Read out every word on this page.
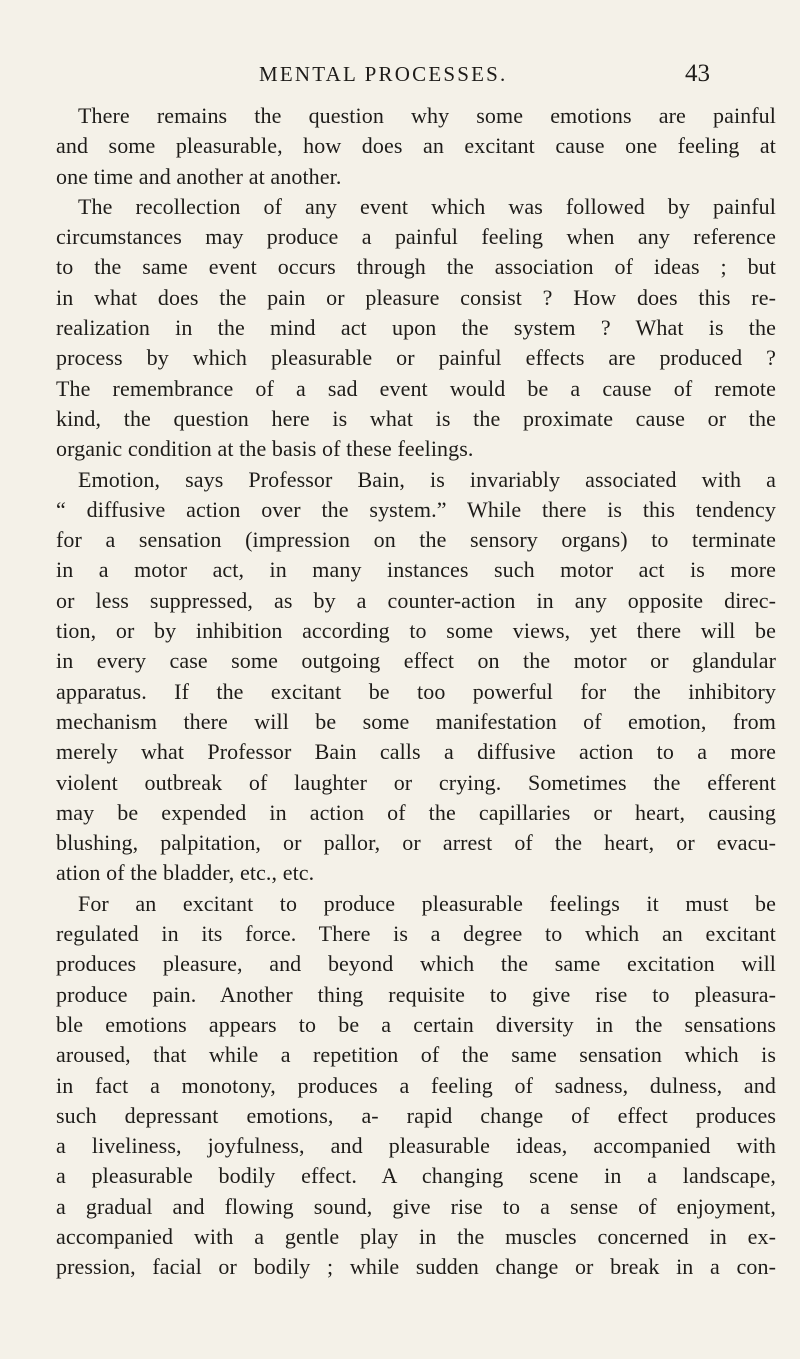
MENTAL PROCESSES.	43
There remains the question why some emotions are painful
and some pleasurable, how does an excitant cause one feeling at
one time and another at another.
The recollection of any event which was followed by painful
circumstances may produce a painful feeling when any reference
to the same event occurs through the association of ideas ; but
in what does the pain or pleasure consist ? How does this re-
realization in the mind act upon the system ? What is the
process by which pleasurable or painful effects are produced ?
The remembrance of a sad event would be a cause of remote
kind, the question here is what is the proximate cause or the
organic condition at the basis of these feelings.
Emotion, says Professor Bain, is invariably associated with a
“ diffusive action over the system.” While there is this tendency
for a sensation (impression on the sensory organs) to terminate
in a motor act, in many instances such motor act is more
or less suppressed, as by a counter-action in any opposite direc-
tion, or by inhibition according to some views, yet there will be
in every case some outgoing effect on the motor or glandular
apparatus. If the excitant be too powerful for the inhibitory
mechanism there will be some manifestation of emotion, from
merely what Professor Bain calls a diffusive action to a more
violent outbreak of laughter or crying. Sometimes the efferent
may be expended in action of the capillaries or heart, causing
blushing, palpitation, or pallor, or arrest of the heart, or evacu-
ation of the bladder, etc., etc.
For an excitant to produce pleasurable feelings it must be
regulated in its force. There is a degree to which an excitant
produces pleasure, and beyond which the same excitation will
produce pain. Another thing requisite to give rise to pleasura-
ble emotions appears to be a certain diversity in the sensations
aroused, that while a repetition of the same sensation which is
in fact a monotony, produces a feeling of sadness, dulness, and
such depressant emotions, a- rapid change of effect produces
a liveliness, joyfulness, and pleasurable ideas, accompanied with
a pleasurable bodily effect. A changing scene in a landscape,
a gradual and flowing sound, give rise to a sense of enjoyment,
accompanied with a gentle play in the muscles concerned in ex-
pression, facial or bodily ; while sudden change or break in a con-
